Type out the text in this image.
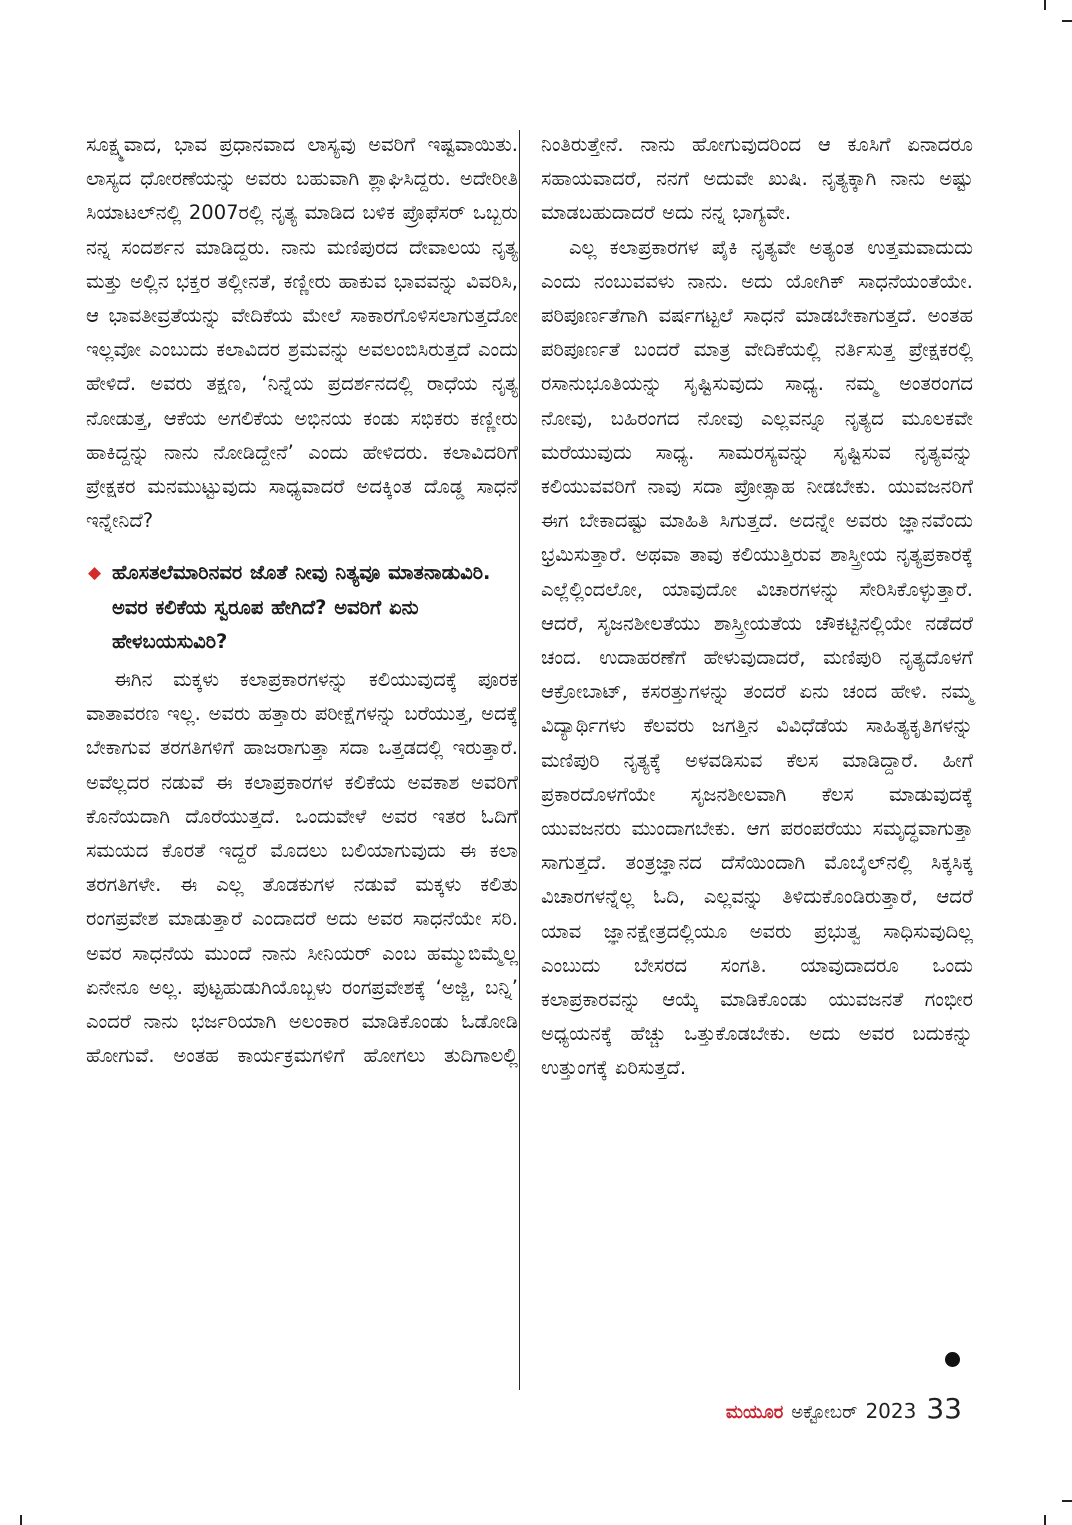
ಸೂಕ್ಷ್ಮವಾದ, ಭಾವ ಪ್ರಧಾನವಾದ ಲಾಸ್ಯವು ಅವರಿಗೆ ಇಷ್ಟವಾಯಿತು. ಲಾಸ್ಯದ ಧೋರಣೆಯನ್ನು ಅವರು ಬಹುವಾಗಿ ಶ್ಲಾಘಿಸಿದ್ದರು. ಅದೇರೀತಿ ಸಿಯಾಟಲ್‌ನಲ್ಲಿ 2007ರಲ್ಲಿ ನೃತ್ಯ ಮಾಡಿದ ಬಳಿಕ ಪ್ರೊಫೆಸರ್ ಒಬ್ಬರು ನನ್ನ ಸಂದರ್ಶನ ಮಾಡಿದ್ದರು. ನಾನು ಮಣಿಪುರದ ದೇವಾಲಯ ನೃತ್ಯ ಮತ್ತು ಅಲ್ಲಿನ ಭಕ್ತರ ತಲ್ಲೀನತೆ, ಕಣ್ಣೀರು ಹಾಕುವ ಭಾವವನ್ನು ವಿವರಿಸಿ, ಆ ಭಾವತೀವ್ರತೆಯನ್ನು ವೇದಿಕೆಯ ಮೇಲೆ ಸಾಕಾರಗೊಳಿಸಲಾಗುತ್ತದೋ ಇಲ್ಲವೋ ಎಂಬುದು ಕಲಾವಿದರ ಶ್ರಮವನ್ನು ಅವಲಂಬಿಸಿರುತ್ತದೆ ಎಂದು ಹೇಳಿದೆ. ಅವರು ತಕ್ಷಣ, ‘ನಿನ್ನೆಯ ಪ್ರದರ್ಶನದಲ್ಲಿ ರಾಧೆಯ ನೃತ್ಯ ನೋಡುತ್ತ, ಆಕೆಯ ಅಗಲಿಕೆಯ ಅಭಿನಯ ಕಂಡು ಸಭಿಕರು ಕಣ್ಣೀರು ಹಾಕಿದ್ದನ್ನು ನಾನು ನೋಡಿದ್ದೇನೆ’ ಎಂದು ಹೇಳಿದರು. ಕಲಾವಿದರಿಗೆ ಪ್ರೇಕ್ಷಕರ ಮನಮುಟ್ಟುವುದು ಸಾಧ್ಯವಾದರೆ ಅದಕ್ಕಿಂತ ದೊಡ್ಡ ಸಾಧನೆ ಇನ್ನೇನಿದೆ?

◆ ಹೊಸತಲೆಮಾರಿನವರ ಜೊತೆ ನೀವು ನಿತ್ಯವೂ ಮಾತನಾಡುವಿರಿ. ಅವರ ಕಲಿಕೆಯ ಸ್ವರೂಪ ಹೇಗಿದೆ? ಅವರಿಗೆ ಏನು ಹೇಳಬಯಸುವಿರಿ?

ಈಗಿನ ಮಕ್ಕಳು ಕಲಾಪ್ರಕಾರಗಳನ್ನು ಕಲಿಯುವುದಕ್ಕೆ ಪೂರಕ ವಾತಾವರಣ ಇಲ್ಲ. ಅವರು ಹತ್ತಾರು ಪರೀಕ್ಷೆಗಳನ್ನು ಬರೆಯುತ್ತ, ಅದಕ್ಕೆ ಬೇಕಾಗುವ ತರಗತಿಗಳಿಗೆ ಹಾಜರಾಗುತ್ತಾ ಸದಾ ಒತ್ತಡದಲ್ಲಿ ಇರುತ್ತಾರೆ. ಅವೆಲ್ಲದರ ನಡುವೆ ಈ ಕಲಾಪ್ರಕಾರಗಳ ಕಲಿಕೆಯ ಅವಕಾಶ ಅವರಿಗೆ ಕೊನೆಯದಾಗಿ ದೊರೆಯುತ್ತದೆ. ಒಂದುವೇಳೆ ಅವರ ಇತರ ಓದಿಗೆ ಸಮಯದ ಕೊರತೆ ಇದ್ದರೆ ಮೊದಲು ಬಲಿಯಾಗುವುದು ಈ ಕಲಾ ತರಗತಿಗಳೇ. ಈ ಎಲ್ಲ ತೊಡಕುಗಳ ನಡುವೆ ಮಕ್ಕಳು ಕಲಿತು ರಂಗಪ್ರವೇಶ ಮಾಡುತ್ತಾರೆ ಎಂದಾದರೆ ಅದು ಅವರ ಸಾಧನೆಯೇ ಸರಿ. ಅವರ ಸಾಧನೆಯ ಮುಂದೆ ನಾನು ಸೀನಿಯರ್ ಎಂಬ ಹಮ್ಮುಬಿಮ್ಮೆಲ್ಲ ಏನೇನೂ ಅಲ್ಲ. ಪುಟ್ಟಹುಡುಗಿಯೊಬ್ಬಳು ರಂಗಪ್ರವೇಶಕ್ಕೆ ‘ಅಜ್ಜಿ, ಬನ್ನಿ’ ಎಂದರೆ ನಾನು ಭರ್ಜರಿಯಾಗಿ ಅಲಂಕಾರ ಮಾಡಿಕೊಂಡು ಓಡೋಡಿ ಹೋಗುವೆ. ಅಂತಹ ಕಾರ್ಯಕ್ರಮಗಳಿಗೆ ಹೋಗಲು ತುದಿಗಾಲಲ್ಲಿ

ನಿಂತಿರುತ್ತೇನೆ. ನಾನು ಹೋಗುವುದರಿಂದ ಆ ಕೂಸಿಗೆ ಏನಾದರೂ ಸಹಾಯವಾದರೆ, ನನಗೆ ಅದುವೇ ಖುಷಿ. ನೃತ್ಯಕ್ಕಾಗಿ ನಾನು ಅಷ್ಟು ಮಾಡಬಹುದಾದರೆ ಅದು ನನ್ನ ಭಾಗ್ಯವೇ.

ಎಲ್ಲ ಕಲಾಪ್ರಕಾರಗಳ ಪೈಕಿ ನೃತ್ಯವೇ ಅತ್ಯಂತ ಉತ್ತಮವಾದುದು ಎಂದು ನಂಬುವವಳು ನಾನು. ಅದು ಯೋಗಿಕ್ ಸಾಧನೆಯಂತೆಯೇ. ಪರಿಪೂರ್ಣತೆಗಾಗಿ ವರ್ಷಗಟ್ಟಲೆ ಸಾಧನೆ ಮಾಡಬೇಕಾಗುತ್ತದೆ. ಅಂತಹ ಪರಿಪೂರ್ಣತೆ ಬಂದರೆ ಮಾತ್ರ ವೇದಿಕೆಯಲ್ಲಿ ನರ್ತಿಸುತ್ತ ಪ್ರೇಕ್ಷಕರಲ್ಲಿ ರಸಾನುಭೂತಿಯನ್ನು ಸೃಷ್ಟಿಸುವುದು ಸಾಧ್ಯ. ನಮ್ಮ ಅಂತರಂಗದ ನೋವು, ಬಹಿರಂಗದ ನೋವು ಎಲ್ಲವನ್ನೂ ನೃತ್ಯದ ಮೂಲಕವೇ ಮರೆಯುವುದು ಸಾಧ್ಯ. ಸಾಮರಸ್ಯವನ್ನು ಸೃಷ್ಟಿಸುವ ನೃತ್ಯವನ್ನು ಕಲಿಯುವವರಿಗೆ ನಾವು ಸದಾ ಪ್ರೋತ್ಸಾಹ ನೀಡಬೇಕು. ಯುವಜನರಿಗೆ ಈಗ ಬೇಕಾದಷ್ಟು ಮಾಹಿತಿ ಸಿಗುತ್ತದೆ. ಅದನ್ನೇ ಅವರು ಜ್ಞಾನವೆಂದು ಭ್ರಮಿಸುತ್ತಾರೆ. ಅಥವಾ ತಾವು ಕಲಿಯುತ್ತಿರುವ ಶಾಸ್ತ್ರೀಯ ನೃತ್ಯಪ್ರಕಾರಕ್ಕೆ ಎಲ್ಲೆಲ್ಲಿಂದಲೋ, ಯಾವುದೋ ವಿಚಾರಗಳನ್ನು ಸೇರಿಸಿಕೊಳ್ಳುತ್ತಾರೆ. ಆದರೆ, ಸೃಜನಶೀಲತೆಯು ಶಾಸ್ತ್ರೀಯತೆಯ ಚೌಕಟ್ಟಿನಲ್ಲಿಯೇ ನಡೆದರೆ ಚಂದ. ಉದಾಹರಣೆಗೆ ಹೇಳುವುದಾದರೆ, ಮಣಿಪುರಿ ನೃತ್ಯದೊಳಗೆ ಆಕ್ರೋಬಾಟ್, ಕಸರತ್ತುಗಳನ್ನು ತಂದರೆ ಏನು ಚಂದ ಹೇಳಿ. ನಮ್ಮ ವಿದ್ಯಾರ್ಥಿಗಳು ಕೆಲವರು ಜಗತ್ತಿನ ವಿವಿಧೆಡೆಯ ಸಾಹಿತ್ಯಕೃತಿಗಳನ್ನು ಮಣಿಪುರಿ ನೃತ್ಯಕ್ಕೆ ಅಳವಡಿಸುವ ಕೆಲಸ ಮಾಡಿದ್ದಾರೆ. ಹೀಗೆ ಪ್ರಕಾರದೊಳಗೆಯೇ ಸೃಜನಶೀಲವಾಗಿ ಕೆಲಸ ಮಾಡುವುದಕ್ಕೆ ಯುವಜನರು ಮುಂದಾಗಬೇಕು. ಆಗ ಪರಂಪರೆಯು ಸಮೃದ್ಧವಾಗುತ್ತಾ ಸಾಗುತ್ತದೆ. ತಂತ್ರಜ್ಞಾನದ ದೆಸೆಯಿಂದಾಗಿ ಮೊಬೈಲ್‌ನಲ್ಲಿ ಸಿಕ್ಕಸಿಕ್ಕ ವಿಚಾರಗಳನ್ನೆಲ್ಲ ಓದಿ, ಎಲ್ಲವನ್ನು ತಿಳಿದುಕೊಂಡಿರುತ್ತಾರೆ, ಆದರೆ ಯಾವ ಜ್ಞಾನಕ್ಷೇತ್ರದಲ್ಲಿಯೂ ಅವರು ಪ್ರಭುತ್ವ ಸಾಧಿಸುವುದಿಲ್ಲ ಎಂಬುದು ಬೇಸರದ ಸಂಗತಿ. ಯಾವುದಾದರೂ ಒಂದು ಕಲಾಪ್ರಕಾರವನ್ನು ಆಯ್ಕೆ ಮಾಡಿಕೊಂಡು ಯುವಜನತೆ ಗಂಭೀರ ಅಧ್ಯಯನಕ್ಕೆ ಹೆಚ್ಚು ಒತ್ತುಕೊಡಬೇಕು. ಅದು ಅವರ ಬದುಕನ್ನು ಉತ್ತುಂಗಕ್ಕೆ ಏರಿಸುತ್ತದೆ.

ಮಯೂರ ಅಕ್ಟೋಬರ್ 2023 33
